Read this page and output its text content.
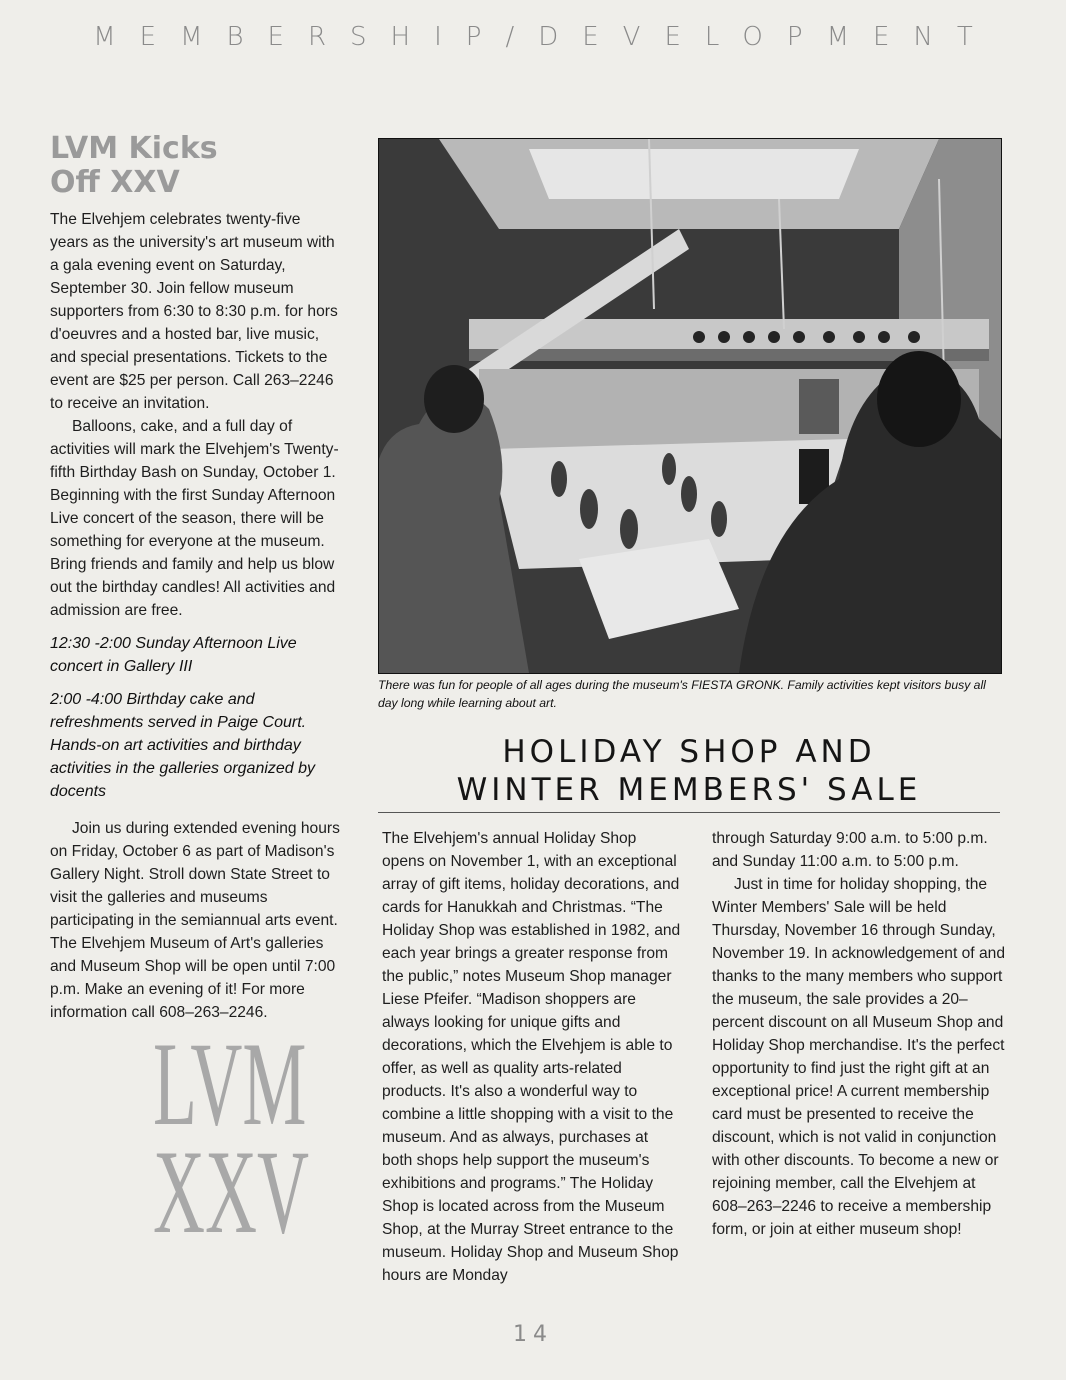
MEMBERSHIP/DEVELOPMENT
LVM Kicks
Off XXV

The Elvehjem celebrates twenty-five years as the university's art museum with a gala evening event on Saturday, September 30. Join fellow museum supporters from 6:30 to 8:30 p.m. for hors d'oeuvres and a hosted bar, live music, and special presentations. Tickets to the event are $25 per person. Call 263–2246 to receive an invitation.

Balloons, cake, and a full day of activities will mark the Elvehjem's Twenty-fifth Birthday Bash on Sunday, October 1. Beginning with the first Sunday Afternoon Live concert of the season, there will be something for everyone at the museum. Bring friends and family and help us blow out the birthday candles! All activities and admission are free.

12:30 -2:00 Sunday Afternoon Live concert in Gallery III

2:00 -4:00 Birthday cake and refreshments served in Paige Court. Hands-on art activities and birthday activities in the galleries organized by docents

Join us during extended evening hours on Friday, October 6 as part of Madison's Gallery Night. Stroll down State Street to visit the galleries and museums participating in the semiannual arts event. The Elvehjem Museum of Art's galleries and Museum Shop will be open until 7:00 p.m. Make an evening of it! For more information call 608–263–2246.

LVM
XXV

There was fun for people of all ages during the museum's FIESTA GRONK. Family activities kept visitors busy all day long while learning about art.

HOLIDAY SHOP AND
WINTER MEMBERS' SALE

The Elvehjem's annual Holiday Shop opens on November 1, with an exceptional array of gift items, holiday decorations, and cards for Hanukkah and Christmas. “The Holiday Shop was established in 1982, and each year brings a greater response from the public,” notes Museum Shop manager Liese Pfeifer. “Madison shoppers are always looking for unique gifts and decorations, which the Elvehjem is able to offer, as well as quality arts-related products. It's also a wonderful way to combine a little shopping with a visit to the museum. And as always, purchases at both shops help support the museum's exhibitions and programs.” The Holiday Shop is located across from the Museum Shop, at the Murray Street entrance to the museum. Holiday Shop and Museum Shop hours are Monday

through Saturday 9:00 a.m. to 5:00 p.m. and Sunday 11:00 a.m. to 5:00 p.m.

Just in time for holiday shopping, the Winter Members' Sale will be held Thursday, November 16 through Sunday, November 19. In acknowledgement of and thanks to the many members who support the museum, the sale provides a 20–percent discount on all Museum Shop and Holiday Shop merchandise. It's the perfect opportunity to find just the right gift at an exceptional price! A current membership card must be presented to receive the discount, which is not valid in conjunction with other discounts. To become a new or rejoining member, call the Elvehjem at 608–263–2246 to receive a membership form, or join at either museum shop!

14
